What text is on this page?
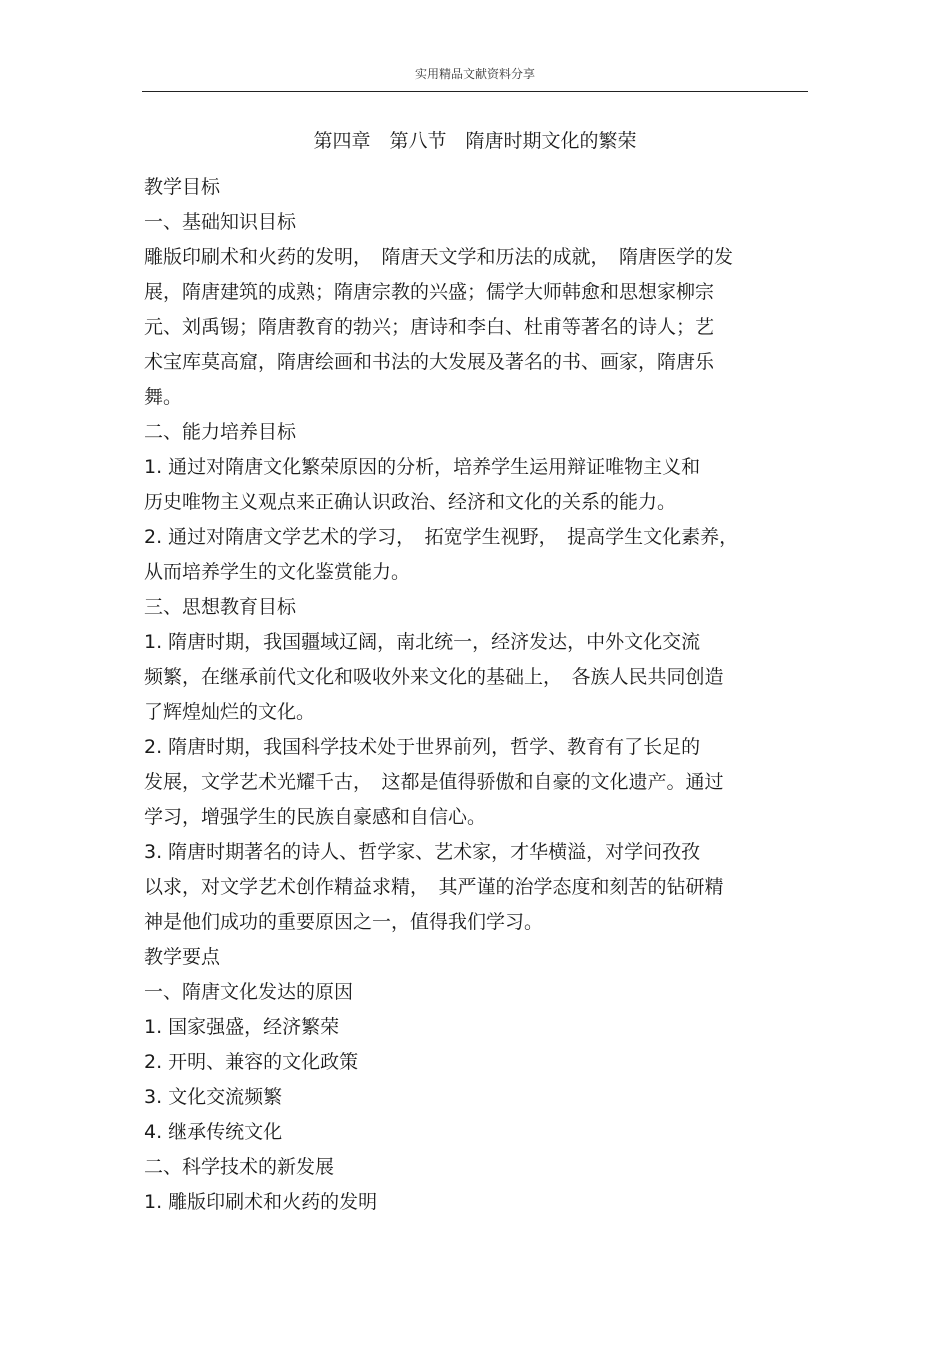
实用精品文献资料分享
第四章　第八节　隋唐时期文化的繁荣
教学目标
一、基础知识目标
雕版印刷术和火药的发明，　隋唐天文学和历法的成就，　隋唐医学的发
展，隋唐建筑的成熟；隋唐宗教的兴盛；儒学大师韩愈和思想家柳宗
元、刘禹锡；隋唐教育的勃兴；唐诗和李白、杜甫等著名的诗人；艺
术宝库莫高窟，隋唐绘画和书法的大发展及著名的书、画家，隋唐乐
舞。
二、能力培养目标
1. 通过对隋唐文化繁荣原因的分析，培养学生运用辩证唯物主义和
历史唯物主义观点来正确认识政治、经济和文化的关系的能力。
2. 通过对隋唐文学艺术的学习，　拓宽学生视野，　提高学生文化素养，
从而培养学生的文化鉴赏能力。
三、思想教育目标
1. 隋唐时期，我国疆域辽阔，南北统一，经济发达，中外文化交流
频繁，在继承前代文化和吸收外来文化的基础上，　各族人民共同创造
了辉煌灿烂的文化。
2. 隋唐时期，我国科学技术处于世界前列，哲学、教育有了长足的
发展，文学艺术光耀千古，　这都是值得骄傲和自豪的文化遗产。通过
学习，增强学生的民族自豪感和自信心。
3. 隋唐时期著名的诗人、哲学家、艺术家，才华横溢，对学问孜孜
以求，对文学艺术创作精益求精，　其严谨的治学态度和刻苦的钻研精
神是他们成功的重要原因之一，值得我们学习。
教学要点
一、隋唐文化发达的原因
1. 国家强盛，经济繁荣
2. 开明、兼容的文化政策
3. 文化交流频繁
4. 继承传统文化
二、科学技术的新发展
1. 雕版印刷术和火药的发明
